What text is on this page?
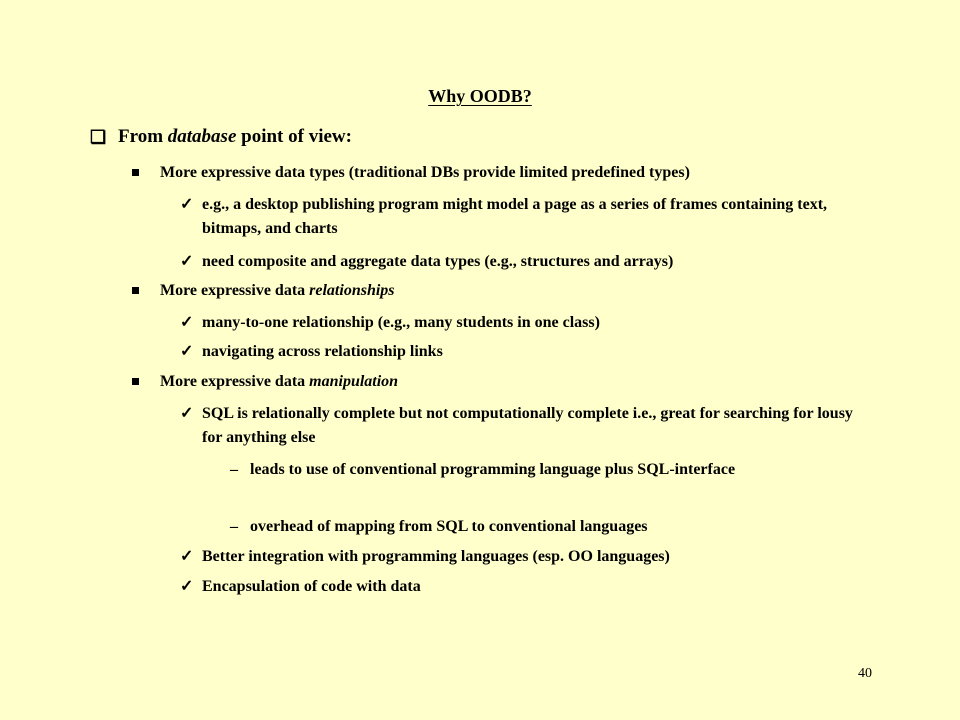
Why OODB?
❏ From database point of view:
More expressive data types (traditional DBs provide limited predefined types)
✓ e.g., a desktop publishing program might model a page as a series of frames containing text, bitmaps, and charts
✓ need composite and aggregate data types (e.g., structures and arrays)
More expressive data relationships
✓ many-to-one relationship (e.g., many students in one class)
✓ navigating across relationship links
More expressive data manipulation
✓ SQL is relationally complete but not computationally complete i.e., great for searching for lousy for anything else
– leads to use of conventional programming language plus SQL-interface
– overhead of mapping from SQL to conventional languages
✓ Better integration with programming languages (esp. OO languages)
✓ Encapsulation of code with data
40
